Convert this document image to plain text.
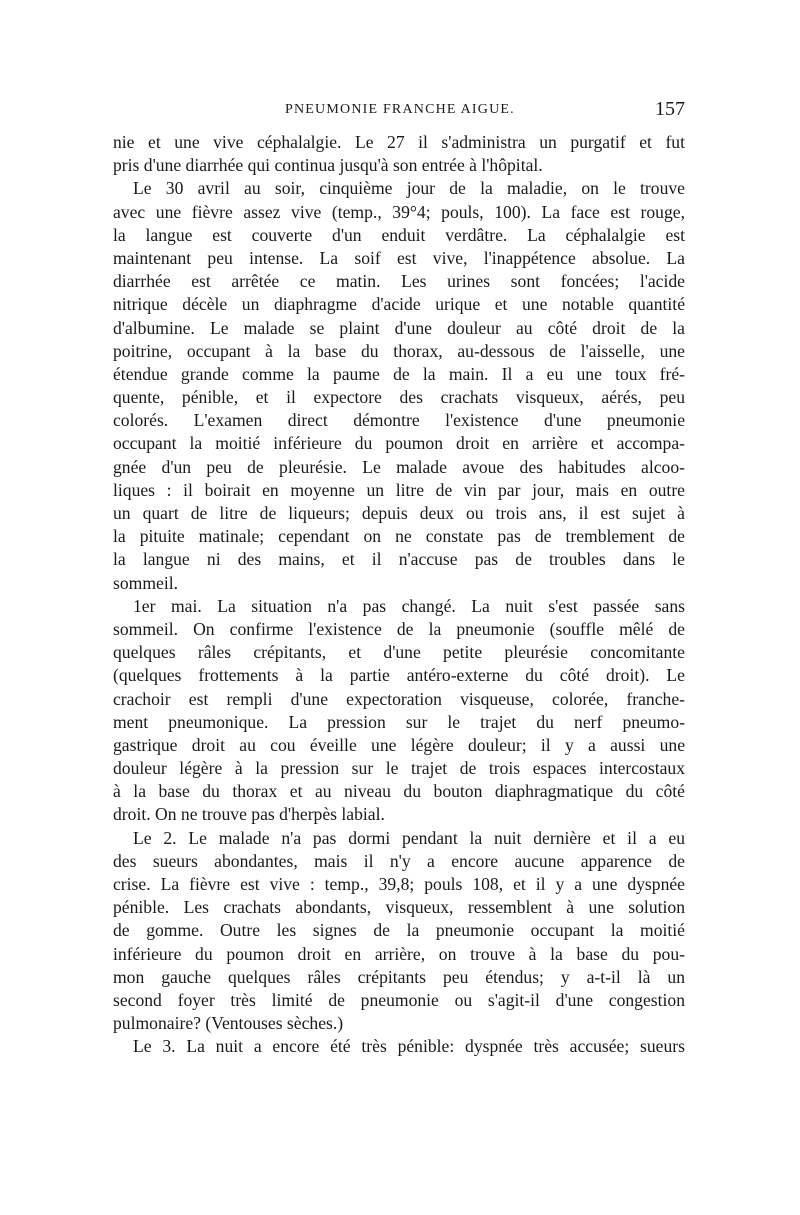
PNEUMONIE FRANCHE AIGUE.	157
nie et une vive céphalalgie. Le 27 il s'administra un purgatif et fut
pris d'une diarrhée qui continua jusqu'à son entrée à l'hôpital.
Le 30 avril au soir, cinquième jour de la maladie, on le trouve
avec une fièvre assez vive (temp., 39°4; pouls, 100). La face est rouge,
la langue est couverte d'un enduit verdâtre. La céphalalgie est
maintenant peu intense. La soif est vive, l'inappétence absolue. La
diarrhée est arrêtée ce matin. Les urines sont foncées; l'acide
nitrique décèle un diaphragme d'acide urique et une notable quantité
d'albumine. Le malade se plaint d'une douleur au côté droit de la
poitrine, occupant à la base du thorax, au-dessous de l'aisselle, une
étendue grande comme la paume de la main. Il a eu une toux fré-
quente, pénible, et il expectore des crachats visqueux, aérés, peu
colorés. L'examen direct démontre l'existence d'une pneumonie
occupant la moitié inférieure du poumon droit en arrière et accompa-
gnée d'un peu de pleurésie. Le malade avoue des habitudes alcoo-
liques : il boirait en moyenne un litre de vin par jour, mais en outre
un quart de litre de liqueurs; depuis deux ou trois ans, il est sujet à
la pituite matinale; cependant on ne constate pas de tremblement de
la langue ni des mains, et il n'accuse pas de troubles dans le
sommeil.
1er mai. La situation n'a pas changé. La nuit s'est passée sans
sommeil. On confirme l'existence de la pneumonie (souffle mêlé de
quelques râles crépitants, et d'une petite pleurésie concomitante
(quelques frottements à la partie antéro-externe du côté droit). Le
crachoir est rempli d'une expectoration visqueuse, colorée, franche-
ment pneumonique. La pression sur le trajet du nerf pneumo-
gastrique droit au cou éveille une légère douleur; il y a aussi une
douleur légère à la pression sur le trajet de trois espaces intercostaux
à la base du thorax et au niveau du bouton diaphragmatique du côté
droit. On ne trouve pas d'herpès labial.
Le 2. Le malade n'a pas dormi pendant la nuit dernière et il a eu
des sueurs abondantes, mais il n'y a encore aucune apparence de
crise. La fièvre est vive : temp., 39,8; pouls 108, et il y a une dyspnée
pénible. Les crachats abondants, visqueux, ressemblent à une solution
de gomme. Outre les signes de la pneumonie occupant la moitié
inférieure du poumon droit en arrière, on trouve à la base du pou-
mon gauche quelques râles crépitants peu étendus; y a-t-il là un
second foyer très limité de pneumonie ou s'agit-il d'une congestion
pulmonaire? (Ventouses sèches.)
Le 3. La nuit a encore été très pénible: dyspnée très accusée; sueurs
